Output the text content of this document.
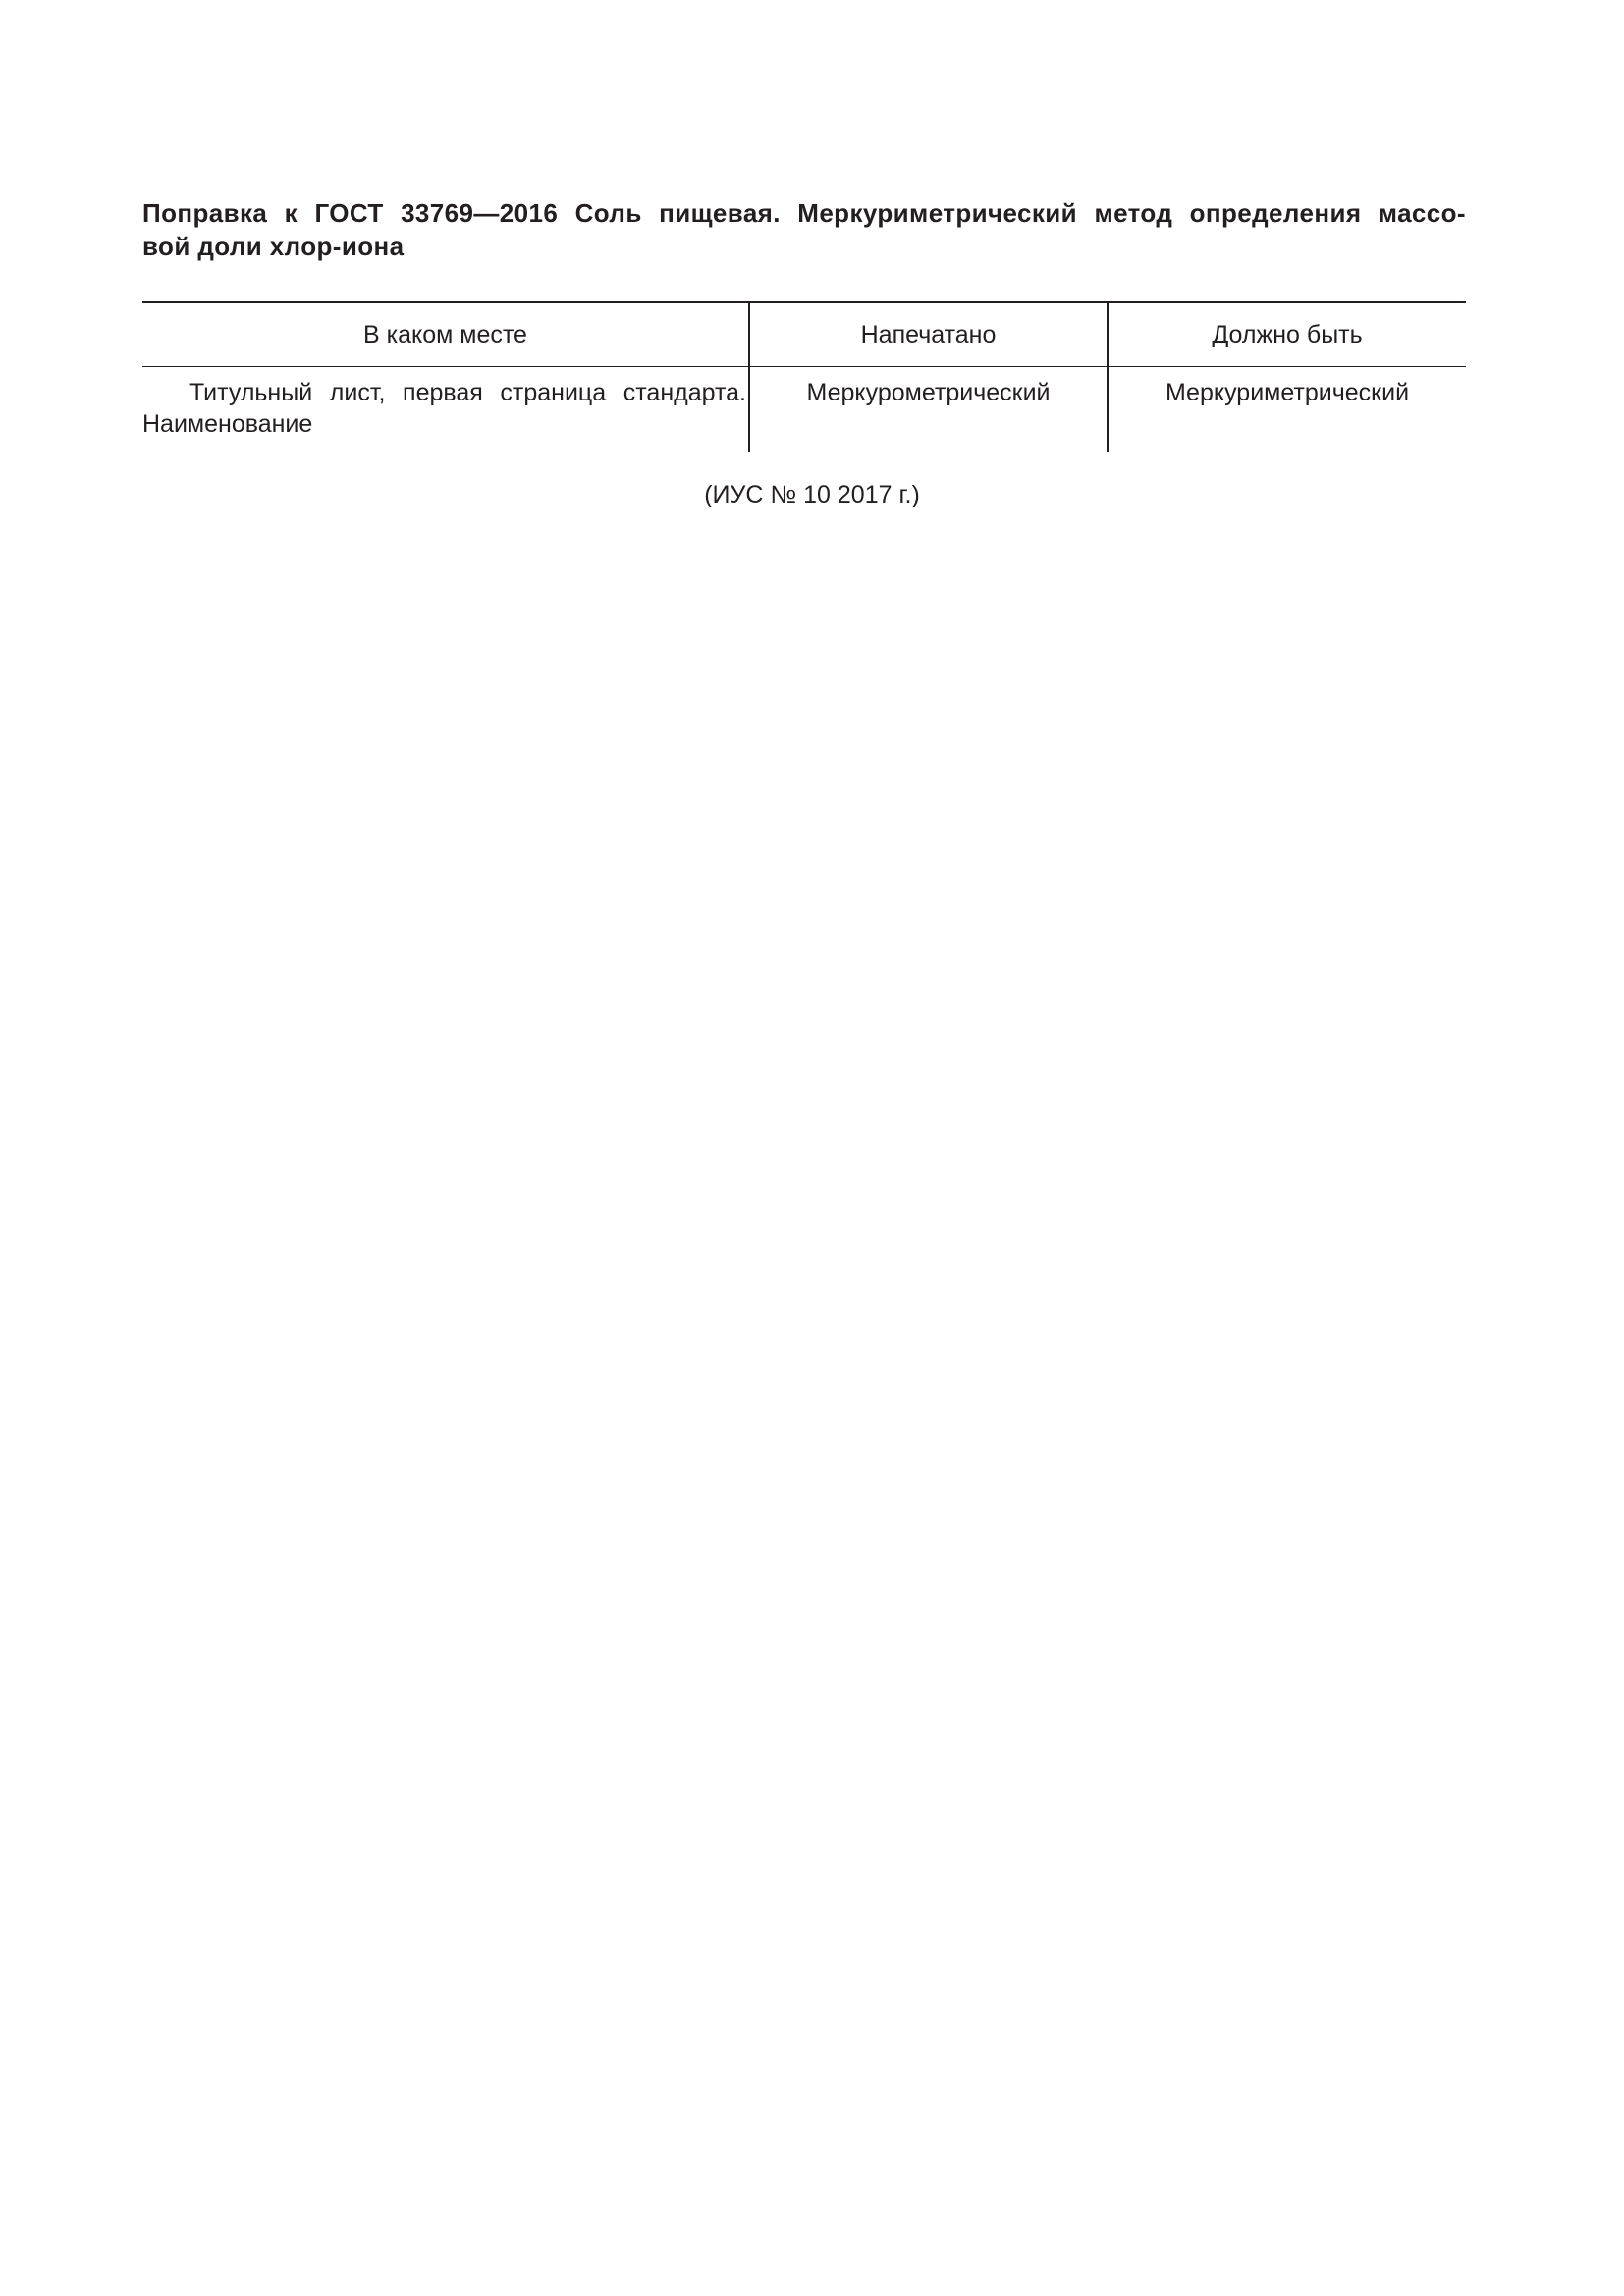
Поправка к ГОСТ 33769—2016 Соль пищевая. Меркуриметрический метод определения массо-
вой доли хлор-иона
В каком месте	Напечатано	Должно быть
Титульный лист, первая страница стандарта. Наименование	Меркурометрический	Меркуриметрический

(ИУС № 10 2017 г.)
